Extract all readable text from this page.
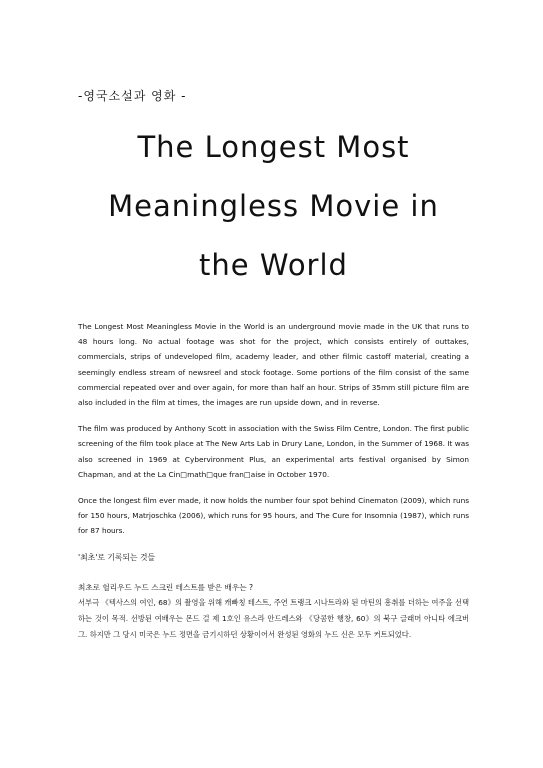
-영국소설과 영화 -
The Longest Most
Meaningless Movie in
the World

The Longest Most Meaningless Movie in the World is an underground movie made in the UK that runs to 48 hours long. No actual footage was shot for the project, which consists entirely of outtakes, commercials, strips of undeveloped film, academy leader, and other filmic castoff material, creating a seemingly endless stream of newsreel and stock footage. Some portions of the film consist of the same commercial repeated over and over again, for more than half an hour. Strips of 35mm still picture film are also included in the film at times, the images are run upside down, and in reverse.

The film was produced by Anthony Scott in association with the Swiss Film Centre, London. The first public screening of the film took place at The New Arts Lab in Drury Lane, London, in the Summer of 1968. It was also screened in 1969 at Cybervironment Plus, an experimental arts festival organised by Simon Chapman, and at the La Cin□math□que fran□aise in October 1970.

Once the longest film ever made, it now holds the number four spot behind Cinematon (2009), which runs for 150 hours, Matrjoschka (2006), which runs for 95 hours, and The Cure for Insomnia (1987), which runs for 87 hours.

'최초'로 기록되는 것들
최초로 헐리우드 누드 스크린 테스트를 받은 배우는 ?

서부극 《텍사스의 여인, 68》의 촬영을 위해 캐빠칭 테스트, 주연 트랭크 시나트라와 된 마틴의 흥취를 더하는 여주을 선택하는 것이 목적. 선방된 여배우는 몬드 걸 제 1호인 유스라 안드레스와 《당콤한 행창, 60》의 북구 글래머 아니타 에크버그. 하지만 그 당시 미국은 누드 정면을 금기시하던 상황이어서 완성된 영화의 누드 신은 모두 커트되었다.
